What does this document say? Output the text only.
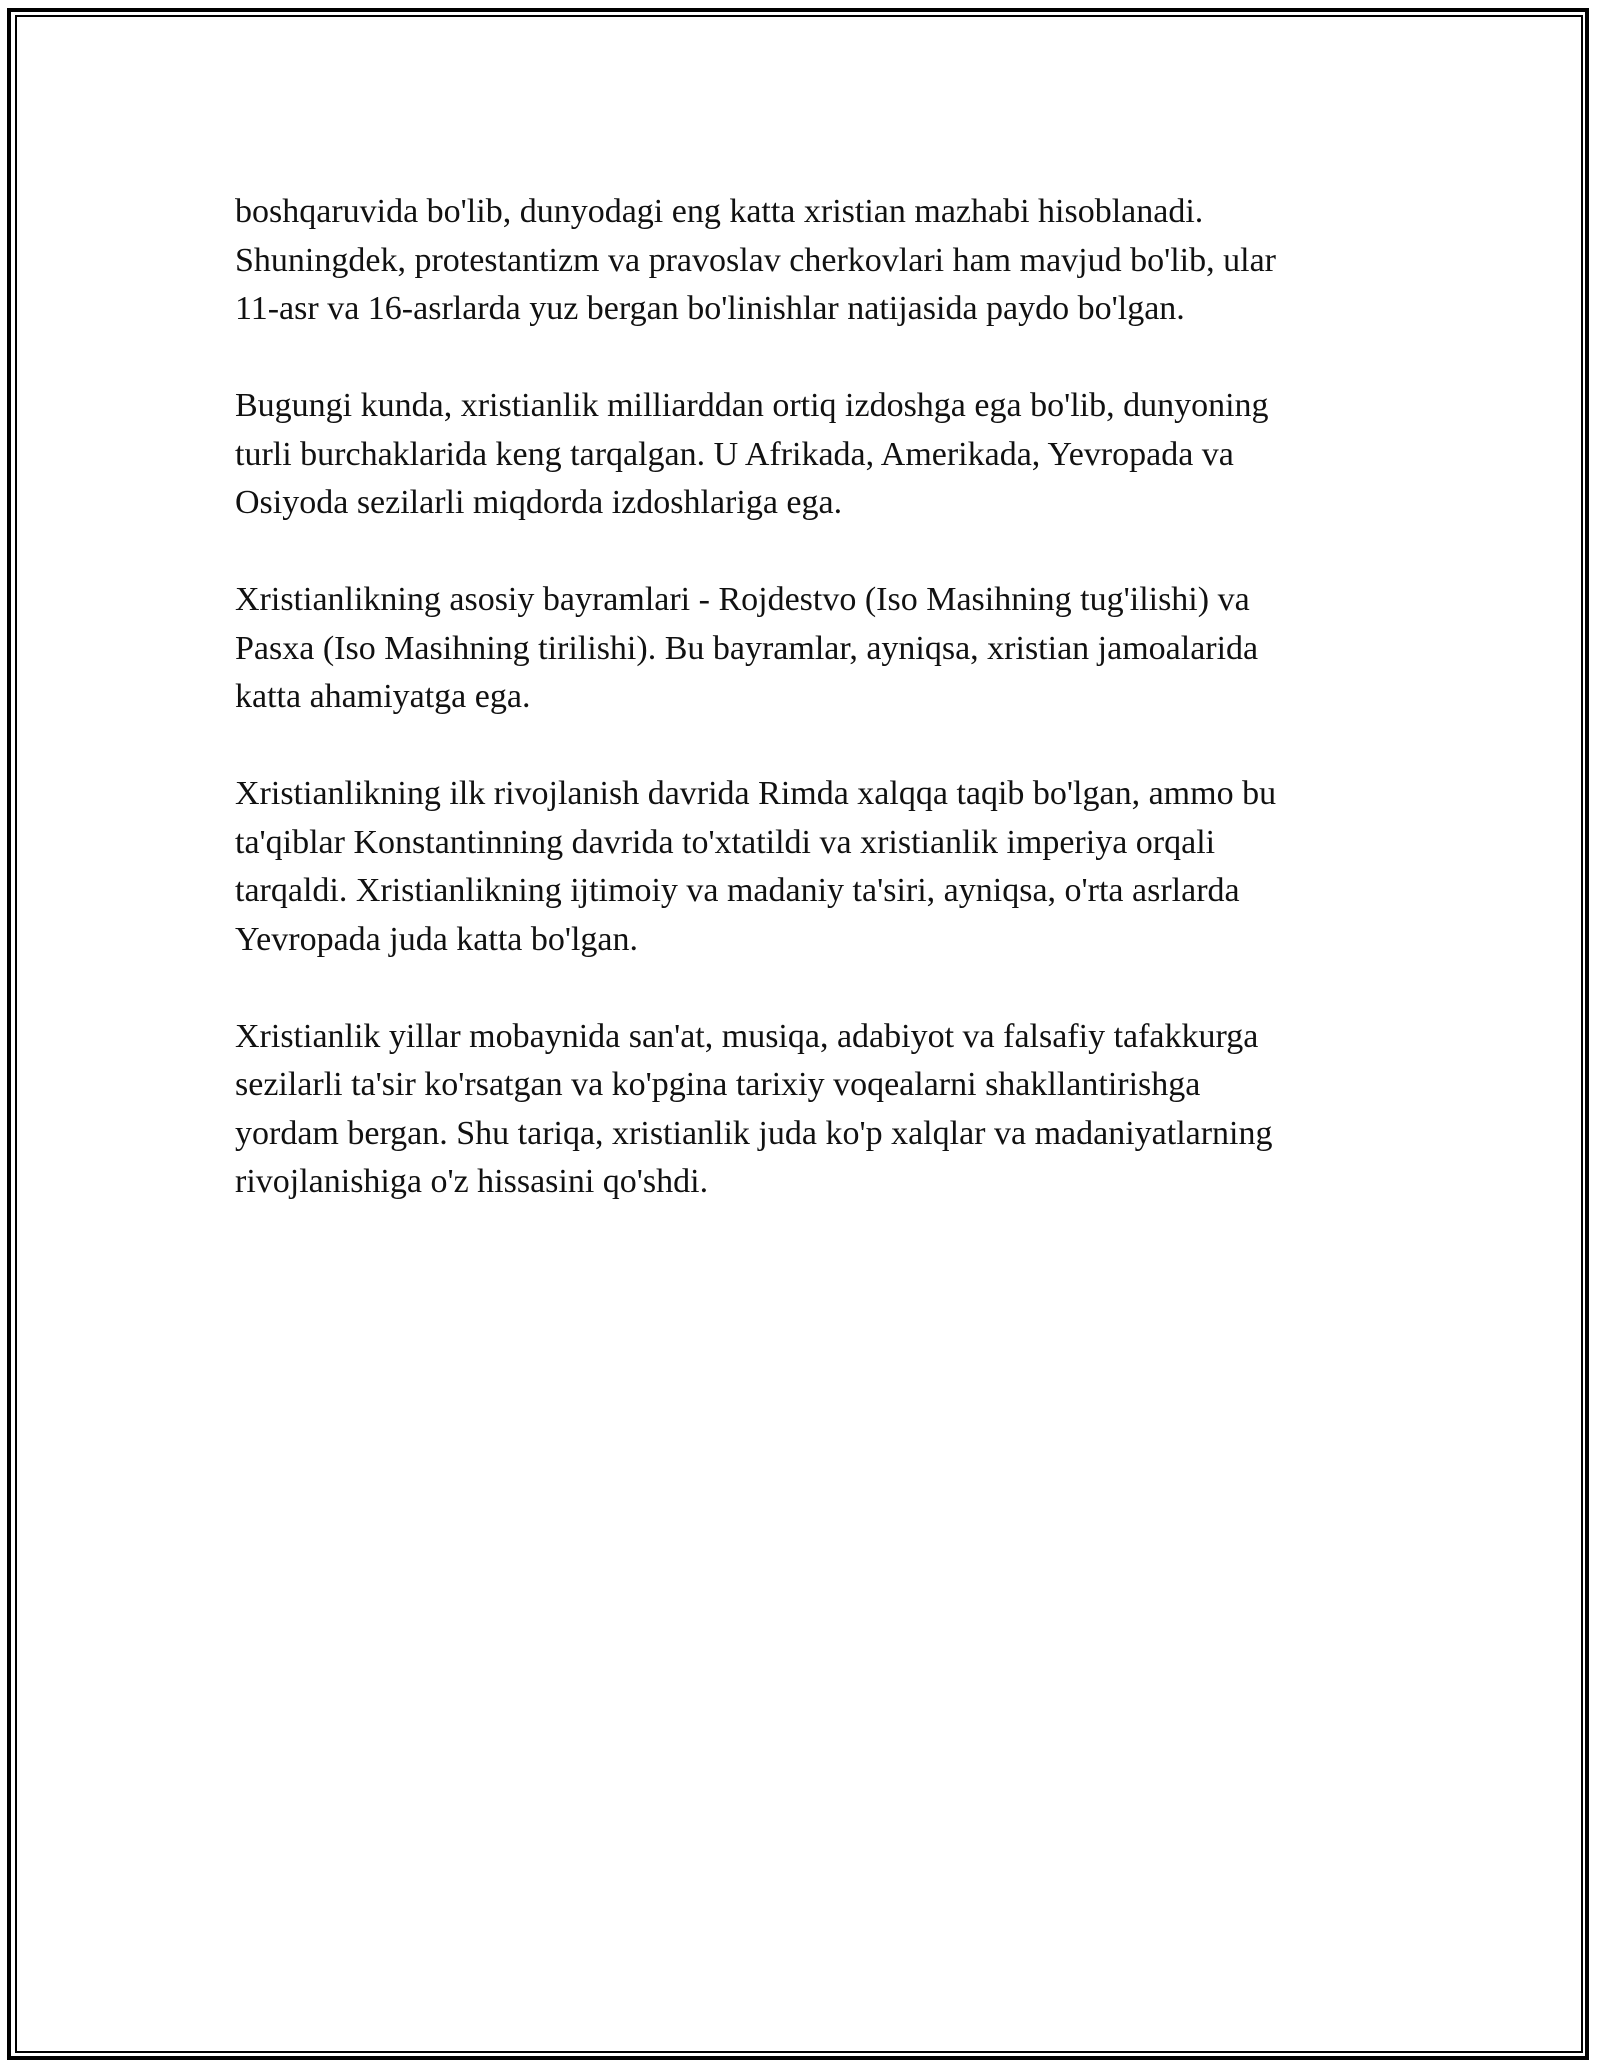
boshqaruvida bo'lib, dunyodagi eng katta xristian mazhabi hisoblanadi.
Shuningdek, protestantizm va pravoslav cherkovlari ham mavjud bo'lib, ular
11-asr va 16-asrlarda yuz bergan bo'linishlar natijasida paydo bo'lgan.

Bugungi kunda, xristianlik milliarddan ortiq izdoshga ega bo'lib, dunyoning
turli burchaklarida keng tarqalgan. U Afrikada, Amerikada, Yevropada va
Osiyoda sezilarli miqdorda izdoshlariga ega.

Xristianlikning asosiy bayramlari - Rojdestvo (Iso Masihning tug'ilishi) va
Pasxa (Iso Masihning tirilishi). Bu bayramlar, ayniqsa, xristian jamoalarida
katta ahamiyatga ega.

Xristianlikning ilk rivojlanish davrida Rimda xalqqa taqib bo'lgan, ammo bu
ta'qiblar Konstantinning davrida to'xtatildi va xristianlik imperiya orqali
tarqaldi. Xristianlikning ijtimoiy va madaniy ta'siri, ayniqsa, o'rta asrlarda
Yevropada juda katta bo'lgan.

Xristianlik yillar mobaynida san'at, musiqa, adabiyot va falsafiy tafakkurga
sezilarli ta'sir ko'rsatgan va ko'pgina tarixiy voqealarni shakllantirishga
yordam bergan. Shu tariqa, xristianlik juda ko'p xalqlar va madaniyatlarning
rivojlanishiga o'z hissasini qo'shdi.
